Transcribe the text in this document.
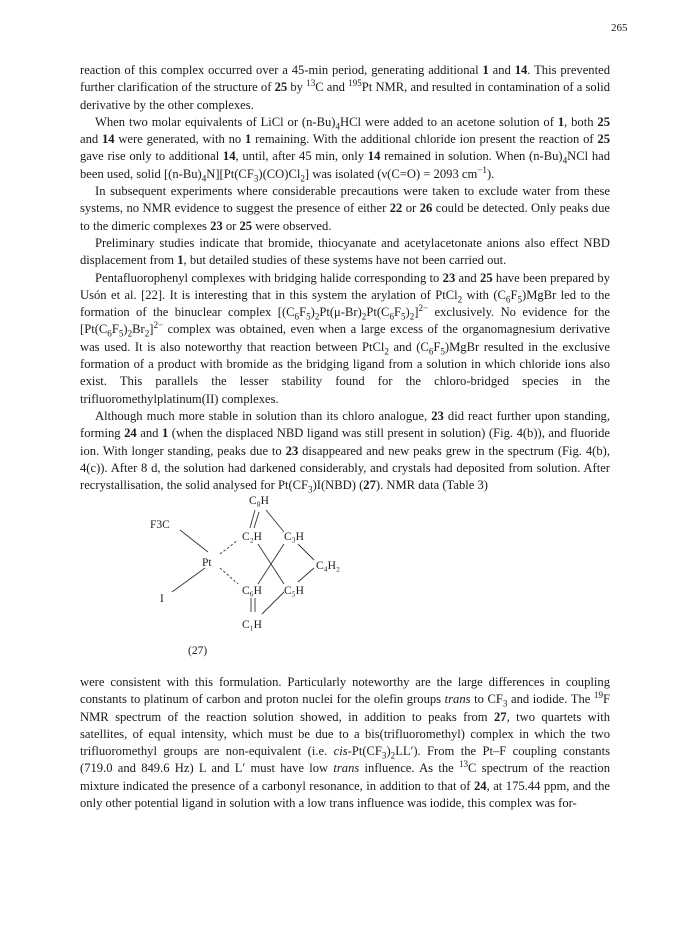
265

reaction of this complex occurred over a 45-min period, generating additional 1 and 14. This prevented further clarification of the structure of 25 by $^{13}$C and $^{195}$Pt NMR, and resulted in contamination of a solid derivative by the other complexes.

When two molar equivalents of LiCl or $(n-Bu)_4HCl$ were added to an acetone solution of 1, both 25 and 14 were generated, with no 1 remaining. With the additional chloride ion present the reaction of 25 gave rise only to additional 14, until, after 45 min, only 14 remained in solution. When $(n-Bu)_4NCl$ had been used, solid $[(n-Bu)_4N][Pt(CF_3)(CO)Cl_2]$ was isolated (ν(C=O) = 2093 $cm^{-1}$).

In subsequent experiments where considerable precautions were taken to exclude water from these systems, no NMR evidence to suggest the presence of either 22 or 26 could be detected. Only peaks due to the dimeric complexes 23 or 25 were observed.

Preliminary studies indicate that bromide, thiocyanate and acetylacetonate anions also effect NBD displacement from 1, but detailed studies of these systems have not been carried out.

Pentafluorophenyl complexes with bridging halide corresponding to 23 and 25 have been prepared by Usón et al. [22]. It is interesting that in this system the arylation of PtCl$_2$ with $(C_6F_5)MgBr$ led to the formation of the binuclear complex $[(C_6F_5)_2Pt(\mu-Br)_2Pt(C_6F_5)_2]^{2-}$ exclusively. No evidence for the $[Pt(C_6F_5)_2Br_2]^{2-}$ complex was obtained, even when a large excess of the organomagnesium derivative was used. It is also noteworthy that reaction between PtCl$_2$ and $(C_6F_5)MgBr$ resulted in the exclusive formation of a product with bromide as the bridging ligand from a solution in which chloride ions also exist. This parallels the lesser stability found for the chloro-bridged species in the trifluoromethylplatinum(II) complexes.

Although much more stable in solution than its chloro analogue, 23 did react further upon standing, forming 24 and 1 (when the displaced NBD ligand was still present in solution) (Fig. 4(b)), and fluoride ion. With longer standing, peaks due to 23 disappeared and new peaks grew in the spectrum (Fig. 4(b), 4(c)). After 8 d, the solution had darkened considerably, and crystals had deposited from solution. After recrystallisation, the solid analysed for $Pt(CF_3)I(NBD)$ (27). NMR data (Table 3)

F3C
Pt
I
C₈H
C₂H C₃H
C₄H₂
C₆H C₅H
C₁H
(27)

were consistent with this formulation. Particularly noteworthy are the large differences in coupling constants to platinum of carbon and proton nuclei for the olefin groups trans to $CF_3$ and iodide. The $^{19}$F NMR spectrum of the reaction solution showed, in addition to peaks from 27, two quartets with satellites, of equal intensity, which must be due to a bis(trifluoromethyl) complex in which the two trifluoromethyl groups are non-equivalent (i.e. cis-$Pt(CF_3)_2LL'$). From the Pt–F coupling constants (719.0 and 849.6 Hz) L and L′ must have low trans influence. As the $^{13}$C spectrum of the reaction mixture indicated the presence of a carbonyl resonance, in addition to that of 24, at 175.44 ppm, and the only other potential ligand in solution with a low trans influence was iodide, this complex was for-
